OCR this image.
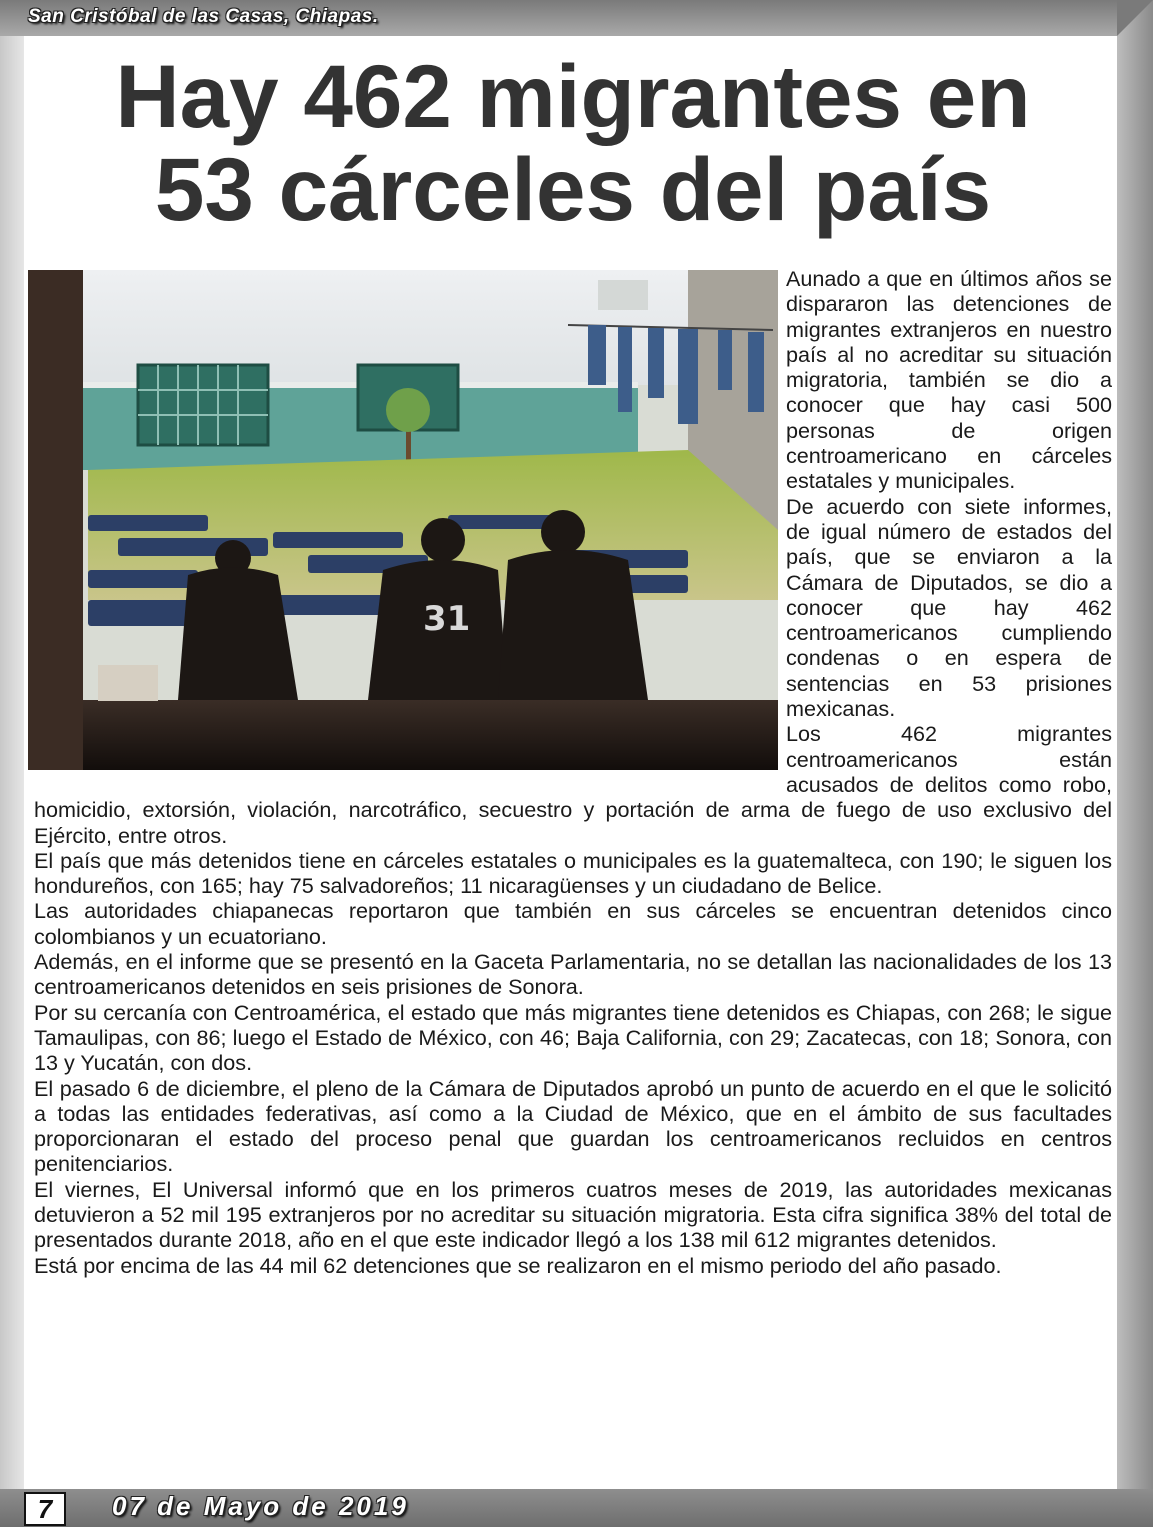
San Cristóbal de las Casas, Chiapas.
Hay 462 migrantes en
53 cárceles del país
31

Aunado a que en últimos años se dispararon las detenciones de migrantes extranjeros en nuestro país al no acreditar su situación migratoria, también se dio a conocer que hay casi 500 personas de origen centroamericano en cárceles estatales y municipales.

De acuerdo con siete informes, de igual número de estados del país, que se enviaron a la Cámara de Diputados, se dio a conocer que hay 462 centroamericanos cumpliendo condenas o en espera de sentencias en 53 prisiones mexicanas.

Los 462 migrantes centroamericanos están acusados de delitos como robo, homicidio, extorsión, violación, narcotráfico, secuestro y portación de arma de fuego de uso exclusivo del Ejército, entre otros.

El país que más detenidos tiene en cárceles estatales o municipales es la guatemalteca, con 190; le siguen los hondureños, con 165; hay 75 salvadoreños; 11 nicaragüenses y un ciudadano de Belice.

Las autoridades chiapanecas reportaron que también en sus cárceles se encuentran detenidos cinco colombianos y un ecuatoriano.

Además, en el informe que se presentó en la Gaceta Parlamentaria, no se detallan las nacionalidades de los 13 centroamericanos detenidos en seis prisiones de Sonora.

Por su cercanía con Centroamérica, el estado que más migrantes tiene detenidos es Chiapas, con 268; le sigue Tamaulipas, con 86; luego el Estado de México, con 46; Baja California, con 29; Zacatecas, con 18; Sonora, con 13 y Yucatán, con dos.

El pasado 6 de diciembre, el pleno de la Cámara de Diputados aprobó un punto de acuerdo en el que le solicitó a todas las entidades federativas, así como a la Ciudad de México, que en el ámbito de sus facultades proporcionaran el estado del proceso penal que guardan los centroamericanos recluidos en centros penitenciarios.

El viernes, El Universal informó que en los primeros cuatros meses de 2019, las autoridades mexicanas detuvieron a 52 mil 195 extranjeros por no acreditar su situación migratoria. Esta cifra significa 38% del total de presentados durante 2018, año en el que este indicador llegó a los 138 mil 612 migrantes detenidos.

Está por encima de las 44 mil 62 detenciones que se realizaron en el mismo periodo del año pasado.

7	07 de Mayo de 2019
